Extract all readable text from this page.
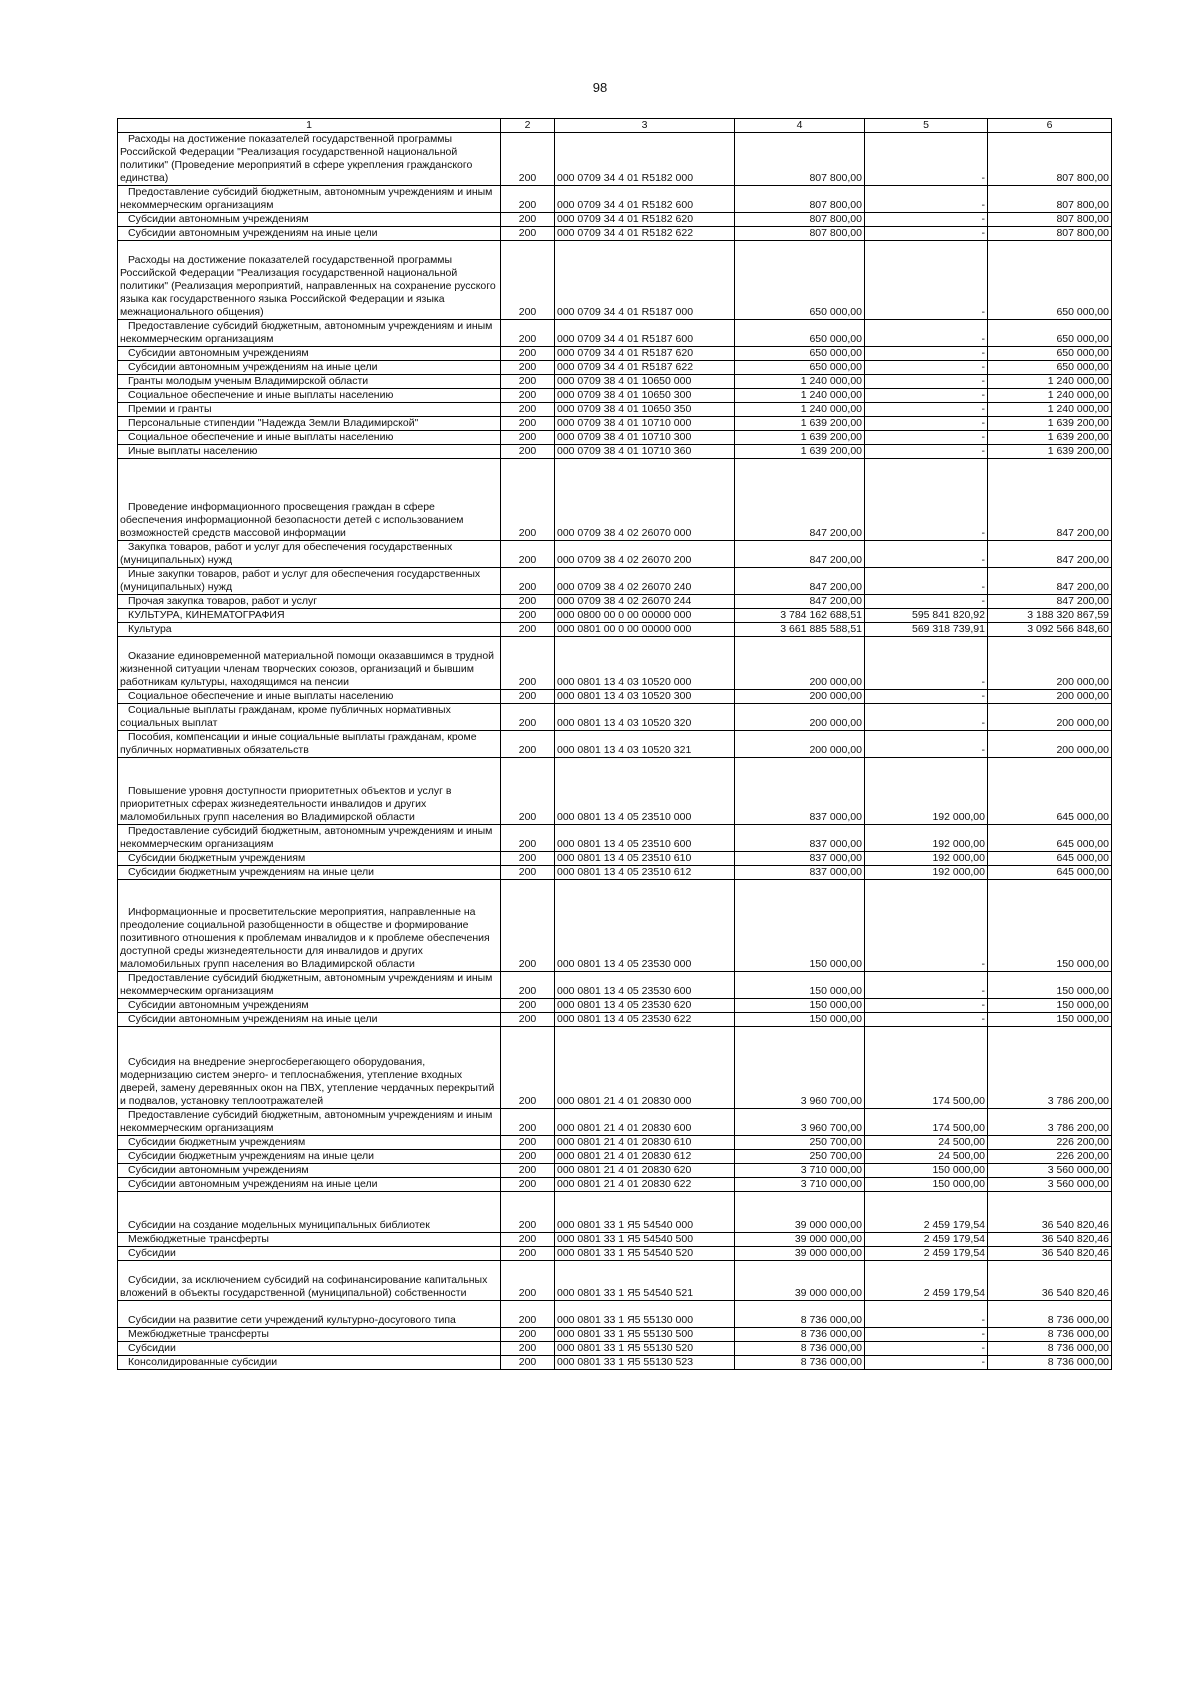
98
1	2	3	4	5	6
Расходы на достижение показателей государственной программы Российской Федерации "Реализация государственной национальной политики" (Проведение мероприятий в сфере укрепления гражданского единства)	200	000 0709 34 4 01 R5182 000	807 800,00	-	807 800,00
Предоставление субсидий бюджетным, автономным учреждениям и иным некоммерческим организациям	200	000 0709 34 4 01 R5182 600	807 800,00	-	807 800,00
Субсидии автономным учреждениям	200	000 0709 34 4 01 R5182 620	807 800,00	-	807 800,00
Субсидии автономным учреждениям на иные цели	200	000 0709 34 4 01 R5182 622	807 800,00	-	807 800,00
Расходы на достижение показателей государственной программы Российской Федерации "Реализация государственной национальной политики" (Реализация мероприятий, направленных на сохранение русского языка как государственного языка Российской Федерации и языка межнационального общения)	200	000 0709 34 4 01 R5187 000	650 000,00	-	650 000,00
Предоставление субсидий бюджетным, автономным учреждениям и иным некоммерческим организациям	200	000 0709 34 4 01 R5187 600	650 000,00	-	650 000,00
Субсидии автономным учреждениям	200	000 0709 34 4 01 R5187 620	650 000,00	-	650 000,00
Субсидии автономным учреждениям на иные цели	200	000 0709 34 4 01 R5187 622	650 000,00	-	650 000,00
Гранты молодым ученым Владимирской области	200	000 0709 38 4 01 10650 000	1 240 000,00	-	1 240 000,00
Социальное обеспечение и иные выплаты населению	200	000 0709 38 4 01 10650 300	1 240 000,00	-	1 240 000,00
Премии и гранты	200	000 0709 38 4 01 10650 350	1 240 000,00	-	1 240 000,00
Персональные стипендии "Надежда Земли Владимирской"	200	000 0709 38 4 01 10710 000	1 639 200,00	-	1 639 200,00
Социальное обеспечение и иные выплаты населению	200	000 0709 38 4 01 10710 300	1 639 200,00	-	1 639 200,00
Иные выплаты населению	200	000 0709 38 4 01 10710 360	1 639 200,00	-	1 639 200,00
Проведение информационного просвещения граждан в сфере обеспечения информационной безопасности детей с использованием возможностей средств массовой информации	200	000 0709 38 4 02 26070 000	847 200,00	-	847 200,00
Закупка товаров, работ и услуг для обеспечения государственных (муниципальных) нужд	200	000 0709 38 4 02 26070 200	847 200,00	-	847 200,00
Иные закупки товаров, работ и услуг для обеспечения государственных (муниципальных) нужд	200	000 0709 38 4 02 26070 240	847 200,00	-	847 200,00
Прочая закупка товаров, работ и услуг	200	000 0709 38 4 02 26070 244	847 200,00	-	847 200,00
КУЛЬТУРА, КИНЕМАТОГРАФИЯ	200	000 0800 00 0 00 00000 000	3 784 162 688,51	595 841 820,92	3 188 320 867,59
Культура	200	000 0801 00 0 00 00000 000	3 661 885 588,51	569 318 739,91	3 092 566 848,60
Оказание единовременной материальной помощи оказавшимся в трудной жизненной ситуации членам творческих союзов, организаций и бывшим работникам культуры, находящимся на пенсии	200	000 0801 13 4 03 10520 000	200 000,00	-	200 000,00
Социальное обеспечение и иные выплаты населению	200	000 0801 13 4 03 10520 300	200 000,00	-	200 000,00
Социальные выплаты гражданам, кроме публичных нормативных социальных выплат	200	000 0801 13 4 03 10520 320	200 000,00	-	200 000,00
Пособия, компенсации и иные социальные выплаты гражданам, кроме публичных нормативных обязательств	200	000 0801 13 4 03 10520 321	200 000,00	-	200 000,00
Повышение уровня доступности приоритетных объектов и услуг в приоритетных сферах жизнедеятельности инвалидов и других маломобильных групп населения во Владимирской области	200	000 0801 13 4 05 23510 000	837 000,00	192 000,00	645 000,00
Предоставление субсидий бюджетным, автономным учреждениям и иным некоммерческим организациям	200	000 0801 13 4 05 23510 600	837 000,00	192 000,00	645 000,00
Субсидии бюджетным учреждениям	200	000 0801 13 4 05 23510 610	837 000,00	192 000,00	645 000,00
Субсидии бюджетным учреждениям на иные цели	200	000 0801 13 4 05 23510 612	837 000,00	192 000,00	645 000,00
Информационные и просветительские мероприятия, направленные на преодоление социальной разобщенности в обществе и формирование позитивного отношения к проблемам инвалидов и к проблеме обеспечения доступной среды жизнедеятельности для инвалидов и других маломобильных групп населения во Владимирской области	200	000 0801 13 4 05 23530 000	150 000,00	-	150 000,00
Предоставление субсидий бюджетным, автономным учреждениям и иным некоммерческим организациям	200	000 0801 13 4 05 23530 600	150 000,00	-	150 000,00
Субсидии автономным учреждениям	200	000 0801 13 4 05 23530 620	150 000,00	-	150 000,00
Субсидии автономным учреждениям на иные цели	200	000 0801 13 4 05 23530 622	150 000,00	-	150 000,00
Субсидия на внедрение энергосберегающего оборудования, модернизацию систем энерго- и теплоснабжения, утепление входных дверей, замену деревянных окон на ПВХ, утепление чердачных перекрытий и подвалов, установку теплоотражателей	200	000 0801 21 4 01 20830 000	3 960 700,00	174 500,00	3 786 200,00
Предоставление субсидий бюджетным, автономным учреждениям и иным некоммерческим организациям	200	000 0801 21 4 01 20830 600	3 960 700,00	174 500,00	3 786 200,00
Субсидии бюджетным учреждениям	200	000 0801 21 4 01 20830 610	250 700,00	24 500,00	226 200,00
Субсидии бюджетным учреждениям на иные цели	200	000 0801 21 4 01 20830 612	250 700,00	24 500,00	226 200,00
Субсидии автономным учреждениям	200	000 0801 21 4 01 20830 620	3 710 000,00	150 000,00	3 560 000,00
Субсидии автономным учреждениям на иные цели	200	000 0801 21 4 01 20830 622	3 710 000,00	150 000,00	3 560 000,00
Субсидии на создание модельных муниципальных библиотек	200	000 0801 33 1 Я5 54540 000	39 000 000,00	2 459 179,54	36 540 820,46
Межбюджетные трансферты	200	000 0801 33 1 Я5 54540 500	39 000 000,00	2 459 179,54	36 540 820,46
Субсидии	200	000 0801 33 1 Я5 54540 520	39 000 000,00	2 459 179,54	36 540 820,46
Субсидии, за исключением субсидий на софинансирование капитальных вложений в объекты государственной (муниципальной) собственности	200	000 0801 33 1 Я5 54540 521	39 000 000,00	2 459 179,54	36 540 820,46
Субсидии на развитие сети учреждений культурно-досугового типа	200	000 0801 33 1 Я5 55130 000	8 736 000,00	-	8 736 000,00
Межбюджетные трансферты	200	000 0801 33 1 Я5 55130 500	8 736 000,00	-	8 736 000,00
Субсидии	200	000 0801 33 1 Я5 55130 520	8 736 000,00	-	8 736 000,00
Консолидированные субсидии	200	000 0801 33 1 Я5 55130 523	8 736 000,00	-	8 736 000,00
